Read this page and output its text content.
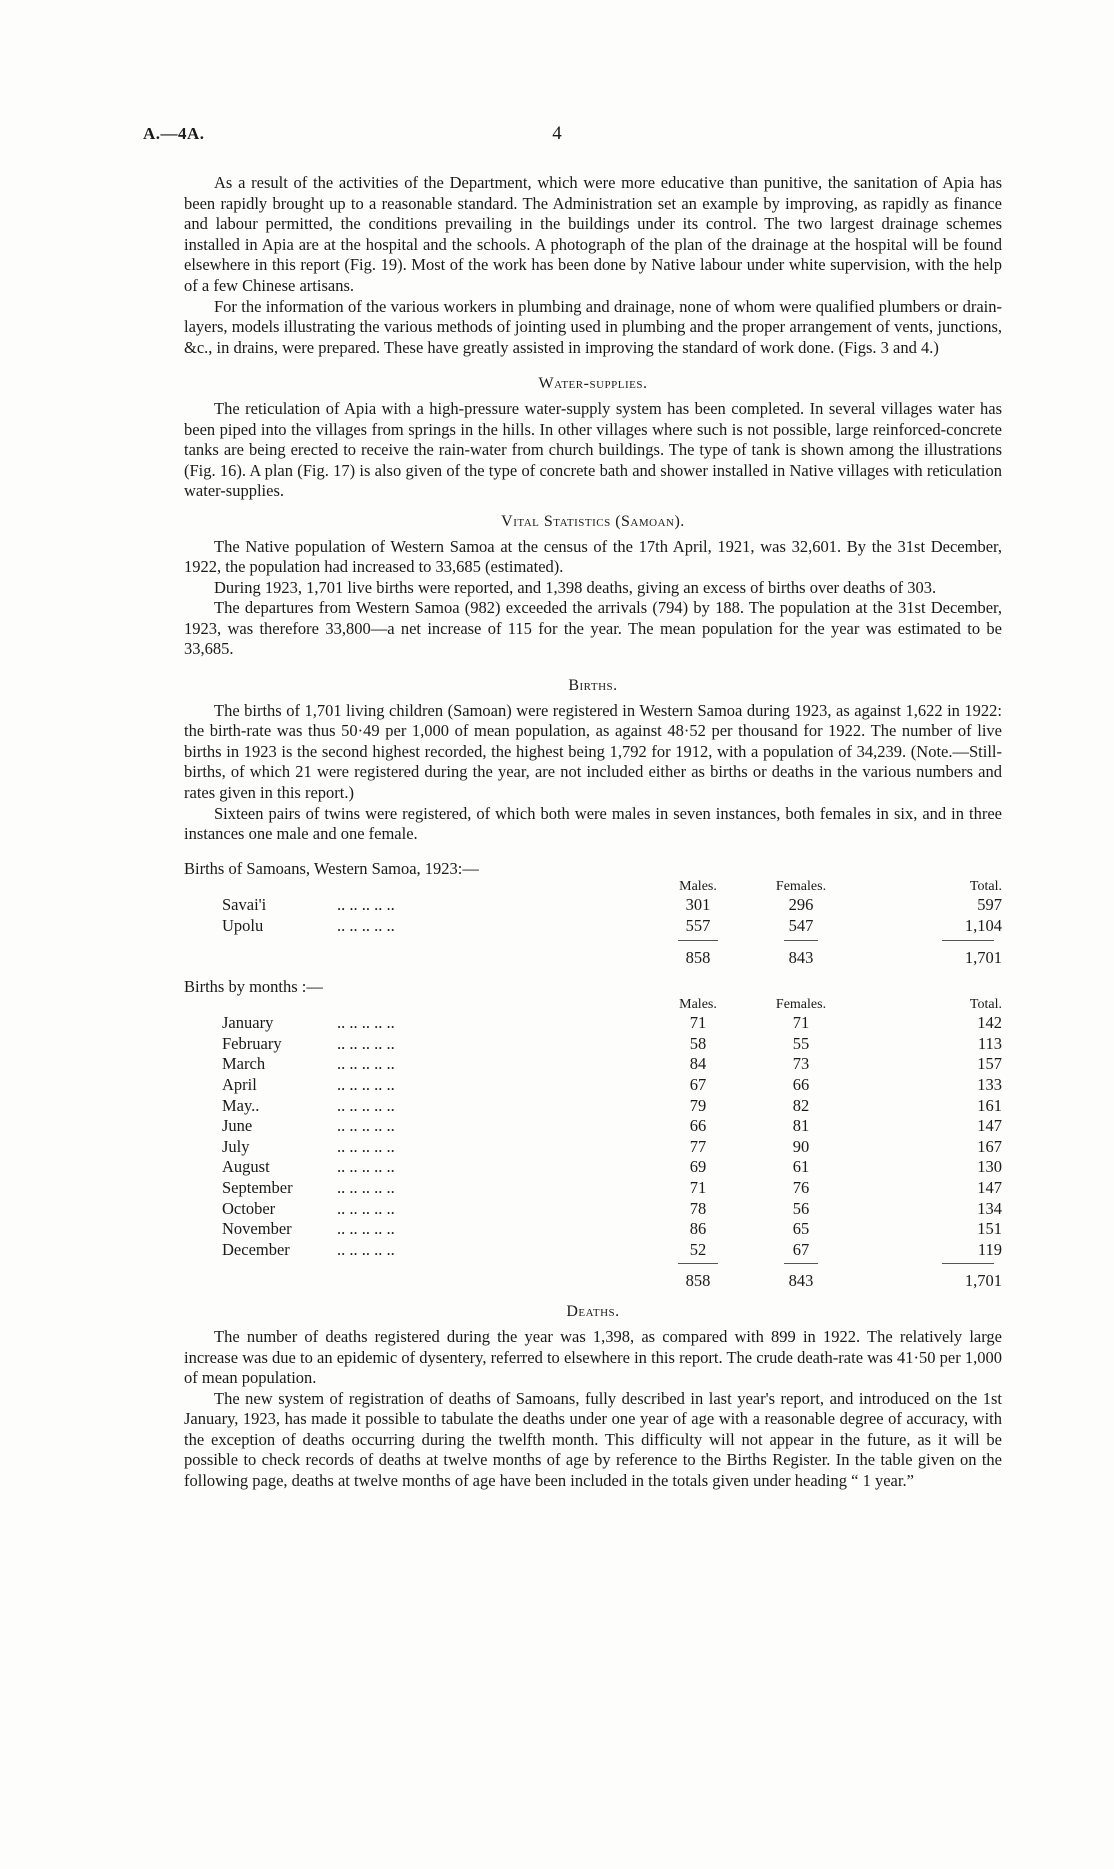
A.—4A.	4

As a result of the activities of the Department, which were more educative than punitive, the sanitation of Apia has been rapidly brought up to a reasonable standard. The Administration set an example by improving, as rapidly as finance and labour permitted, the conditions prevailing in the buildings under its control. The two largest drainage schemes installed in Apia are at the hospital and the schools. A photograph of the plan of the drainage at the hospital will be found elsewhere in this report (Fig. 19). Most of the work has been done by Native labour under white supervision, with the help of a few Chinese artisans.

For the information of the various workers in plumbing and drainage, none of whom were qualified plumbers or drain-layers, models illustrating the various methods of jointing used in plumbing and the proper arrangement of vents, junctions, &c., in drains, were prepared. These have greatly assisted in improving the standard of work done. (Figs. 3 and 4.)

Water-supplies.

The reticulation of Apia with a high-pressure water-supply system has been completed. In several villages water has been piped into the villages from springs in the hills. In other villages where such is not possible, large reinforced-concrete tanks are being erected to receive the rain-water from church buildings. The type of tank is shown among the illustrations (Fig. 16). A plan (Fig. 17) is also given of the type of concrete bath and shower installed in Native villages with reticulation water-supplies.

Vital Statistics (Samoan).

The Native population of Western Samoa at the census of the 17th April, 1921, was 32,601. By the 31st December, 1922, the population had increased to 33,685 (estimated).

During 1923, 1,701 live births were reported, and 1,398 deaths, giving an excess of births over deaths of 303.

The departures from Western Samoa (982) exceeded the arrivals (794) by 188. The population at the 31st December, 1923, was therefore 33,800—a net increase of 115 for the year. The mean population for the year was estimated to be 33,685.

Births.

The births of 1,701 living children (Samoan) were registered in Western Samoa during 1923, as against 1,622 in 1922: the birth-rate was thus 50·49 per 1,000 of mean population, as against 48·52 per thousand for 1922. The number of live births in 1923 is the second highest recorded, the highest being 1,792 for 1912, with a population of 34,239. (Note.—Still-births, of which 21 were registered during the year, are not included either as births or deaths in the various numbers and rates given in this report.)

Sixteen pairs of twins were registered, of which both were males in seven instances, both females in six, and in three instances one male and one female.

Births of Samoans, Western Samoa, 1923:—

Males.	Females.	Total.
Savai'i	.. .. .. .. ..	301	296	597
Upolu	.. .. .. .. ..	557	547	1,104
858	843	1,701

Births by months :—

Males.	Females.	Total.
January	.. .. .. .. ..	71	71	142
February	.. .. .. .. ..	58	55	113
March	.. .. .. .. ..	84	73	157
April	.. .. .. .. ..	67	66	133
May..	.. .. .. .. ..	79	82	161
June	.. .. .. .. ..	66	81	147
July	.. .. .. .. ..	77	90	167
August	.. .. .. .. ..	69	61	130
September	.. .. .. .. ..	71	76	147
October	.. .. .. .. ..	78	56	134
November	.. .. .. .. ..	86	65	151
December	.. .. .. .. ..	52	67	119
858	843	1,701
Deaths.

The number of deaths registered during the year was 1,398, as compared with 899 in 1922. The relatively large increase was due to an epidemic of dysentery, referred to elsewhere in this report. The crude death-rate was 41·50 per 1,000 of mean population.

The new system of registration of deaths of Samoans, fully described in last year's report, and introduced on the 1st January, 1923, has made it possible to tabulate the deaths under one year of age with a reasonable degree of accuracy, with the exception of deaths occurring during the twelfth month. This difficulty will not appear in the future, as it will be possible to check records of deaths at twelve months of age by reference to the Births Register. In the table given on the following page, deaths at twelve months of age have been included in the totals given under heading “ 1 year.”
